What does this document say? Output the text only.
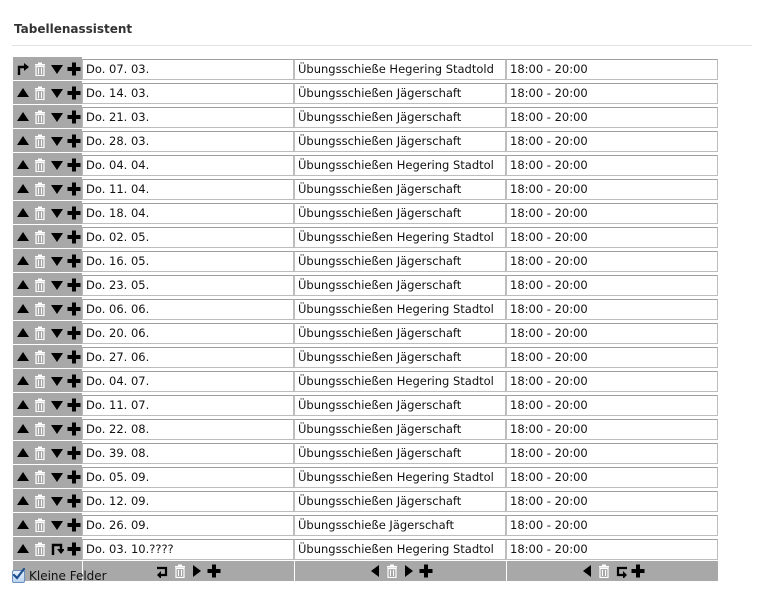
Tabellenassistent

Do. 07. 03.	Übungsschieße Hegering Stadtold	18:00 - 20:00

Do. 14. 03.	Übungsschießen Jägerschaft	18:00 - 20:00

Do. 21. 03.	Übungsschießen Jägerschaft	18:00 - 20:00

Do. 28. 03.	Übungsschießen Jägerschaft	18:00 - 20:00

Do. 04. 04.	Übungsschießen Hegering Stadtol	18:00 - 20:00

Do. 11. 04.	Übungsschießen Jägerschaft	18:00 - 20:00

Do. 18. 04.	Übungsschießen Jägerschaft	18:00 - 20:00

Do. 02. 05.	Übungsschießen Hegering Stadtol	18:00 - 20:00

Do. 16. 05.	Übungsschießen Jägerschaft	18:00 - 20:00

Do. 23. 05.	Übungsschießen Jägerschaft	18:00 - 20:00

Do. 06. 06.	Übungsschießen Hegering Stadtol	18:00 - 20:00

Do. 20. 06.	Übungsschießen Jägerschaft	18:00 - 20:00

Do. 27. 06.	Übungsschießen Jägerschaft	18:00 - 20:00

Do. 04. 07.	Übungsschießen Hegering Stadtol	18:00 - 20:00

Do. 11. 07.	Übungsschießen Jägerschaft	18:00 - 20:00

Do. 22. 08.	Übungsschießen Jägerschaft	18:00 - 20:00

Do. 39. 08.	Übungsschießen Jägerschaft	18:00 - 20:00

Do. 05. 09.	Übungsschießen Hegering Stadtol	18:00 - 20:00

Do. 12. 09.	Übungsschießen Jägerschaft	18:00 - 20:00

Do. 26. 09.	Übungsschieße Jägerschaft	18:00 - 20:00

Do. 03. 10.????	Übungsschießen Hegering Stadtol	18:00 - 20:00

Kleine Felder
